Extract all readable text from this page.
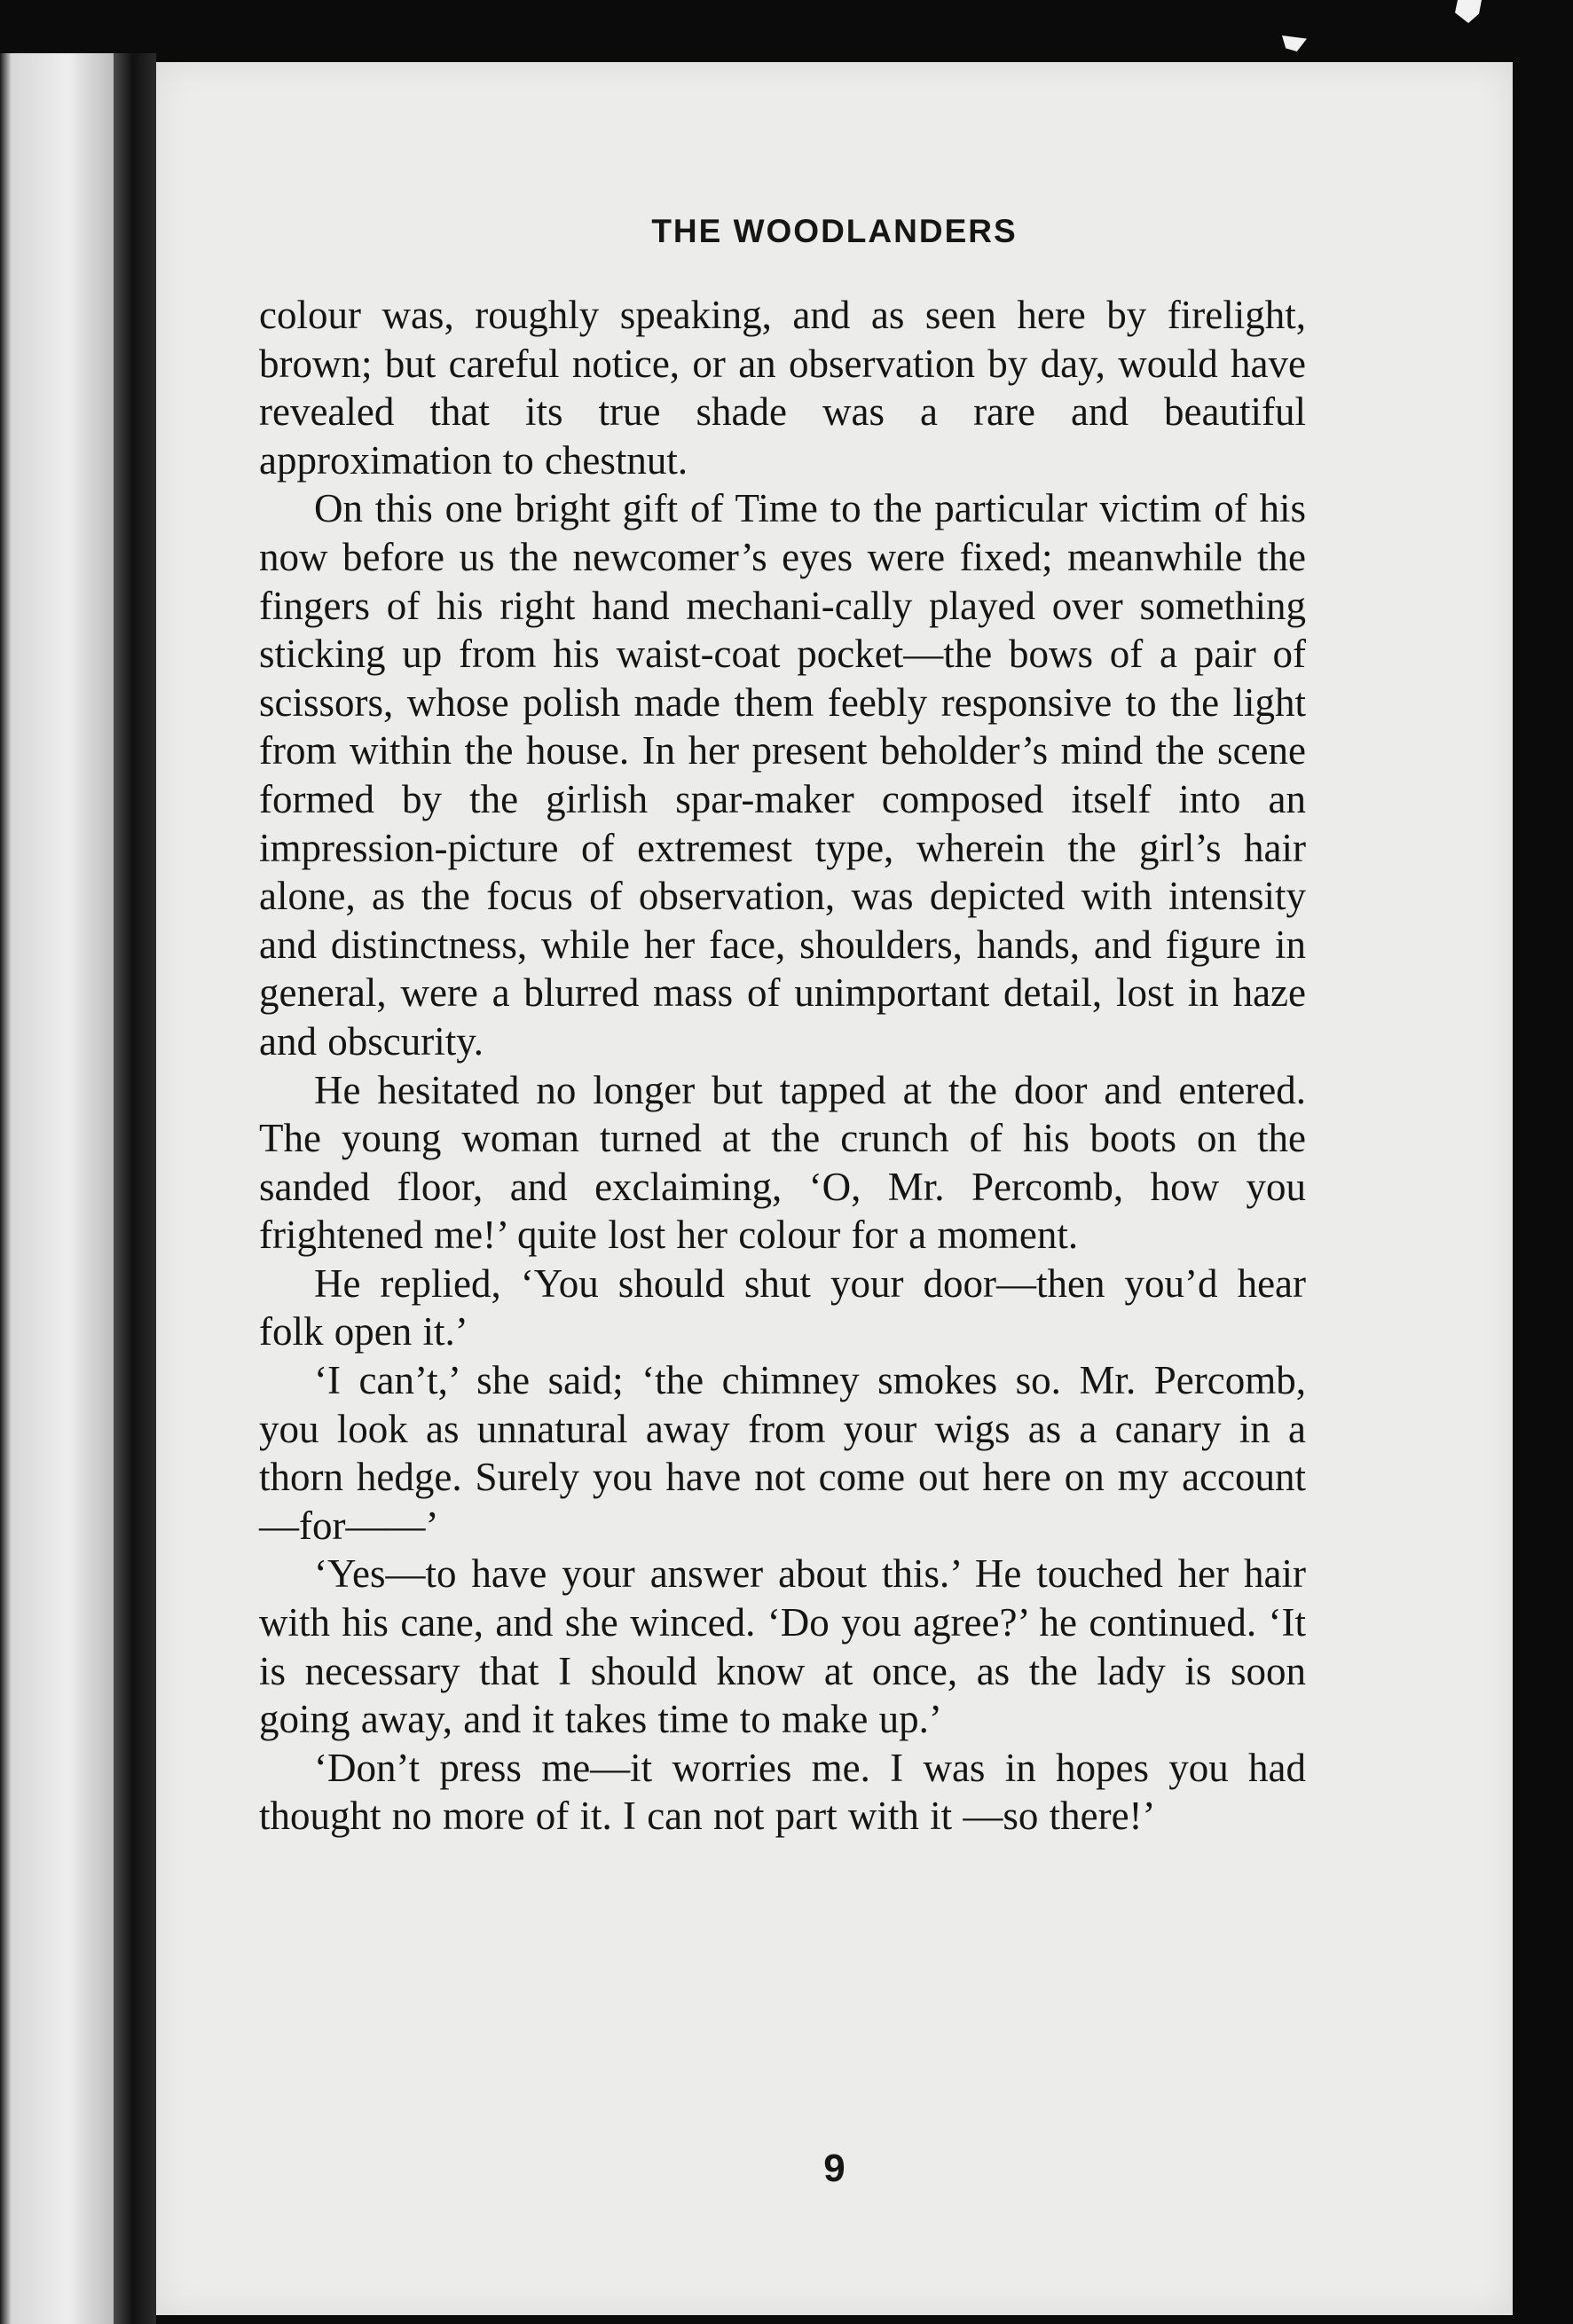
THE WOODLANDERS

colour was, roughly speaking, and as seen here by firelight, brown; but careful notice, or an observation by day, would have revealed that its true shade was a rare and beautiful approximation to chestnut.

On this one bright gift of Time to the particular victim of his now before us the newcomer’s eyes were fixed; meanwhile the fingers of his right hand mechani-cally played over something sticking up from his waist-coat pocket—the bows of a pair of scissors, whose polish made them feebly responsive to the light from within the house. In her present beholder’s mind the scene formed by the girlish spar-maker composed itself into an impression-picture of extremest type, wherein the girl’s hair alone, as the focus of observation, was depicted with intensity and distinctness, while her face, shoulders, hands, and figure in general, were a blurred mass of unimportant detail, lost in haze and obscurity.

He hesitated no longer but tapped at the door and entered. The young woman turned at the crunch of his boots on the sanded floor, and exclaiming, ‘O, Mr. Percomb, how you frightened me!’ quite lost her colour for a moment.

He replied, ‘You should shut your door—then you’d hear folk open it.’

‘I can’t,’ she said; ‘the chimney smokes so. Mr. Percomb, you look as unnatural away from your wigs as a canary in a thorn hedge. Surely you have not come out here on my account—for——’

‘Yes—to have your answer about this.’ He touched her hair with his cane, and she winced. ‘Do you agree?’ he continued. ‘It is necessary that I should know at once, as the lady is soon going away, and it takes time to make up.’

‘Don’t press me—it worries me. I was in hopes you had thought no more of it. I can not part with it —so there!’

9
